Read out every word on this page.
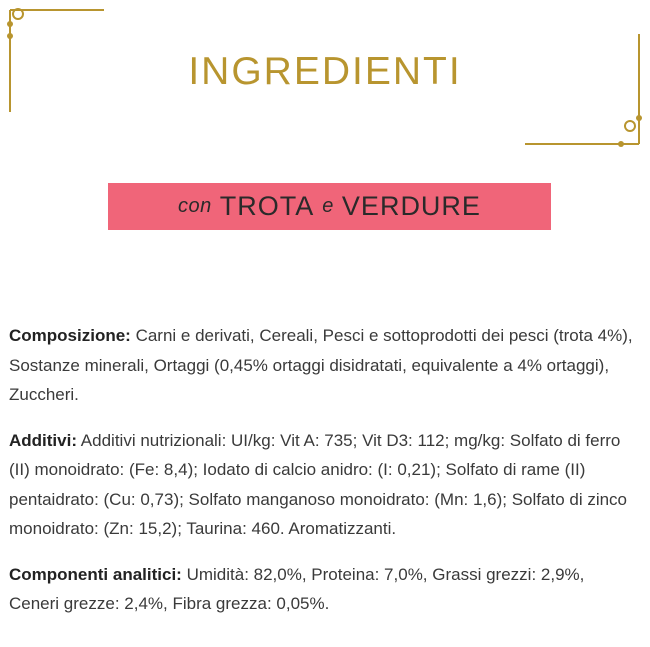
INGREDIENTI
con TROTA e VERDURE

Composizione: Carni e derivati, Cereali, Pesci e sottoprodotti dei pesci (trota 4%), Sostanze minerali, Ortaggi (0,45% ortaggi disidratati, equivalente a 4% ortaggi), Zuccheri.

Additivi: Additivi nutrizionali: UI/kg: Vit A: 735; Vit D3: 112; mg/kg: Solfato di ferro (II) monoidrato: (Fe: 8,4); Iodato di calcio anidro: (I: 0,21); Solfato di rame (II) pentaidrato: (Cu: 0,73); Solfato manganoso monoidrato: (Mn: 1,6); Solfato di zinco monoidrato: (Zn: 15,2); Taurina: 460. Aromatizzanti.

Componenti analitici: Umidità: 82,0%, Proteina: 7,0%, Grassi grezzi: 2,9%, Ceneri grezze: 2,4%, Fibra grezza: 0,05%.
